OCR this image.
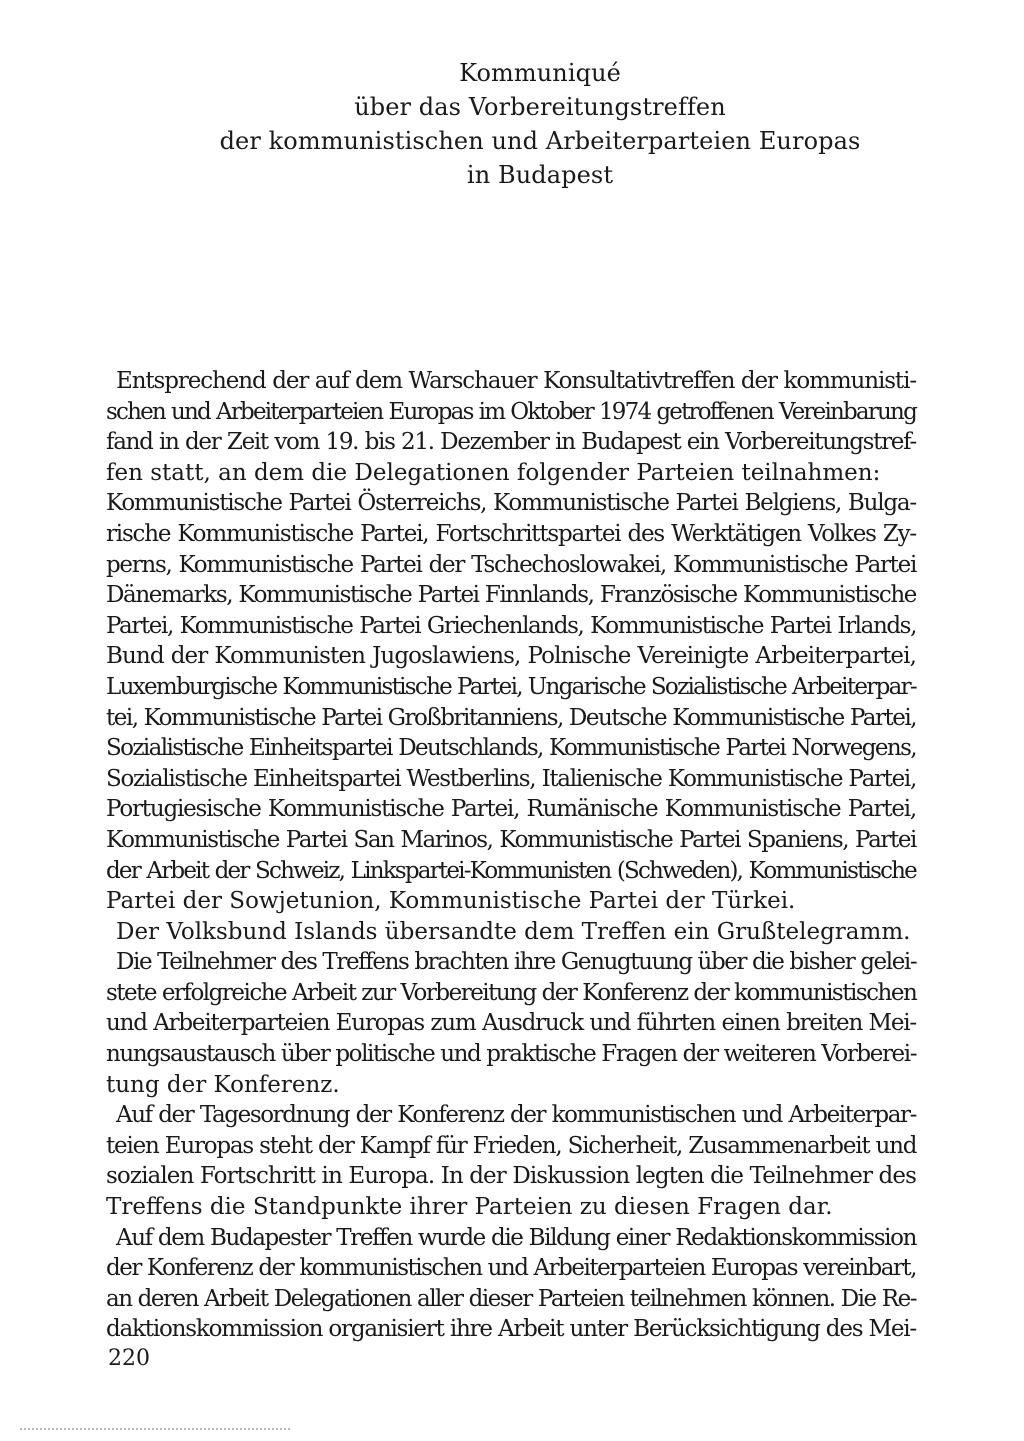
Kommuniqué
über das Vorbereitungstreffen
der kommunistischen und Arbeiterparteien Europas
in Budapest
Entsprechend der auf dem Warschauer Konsultativtreffen der kommunisti-
schen und Arbeiterparteien Europas im Oktober 1974 getroffenen Vereinbarung
fand in der Zeit vom 19. bis 21. Dezember in Budapest ein Vorbereitungstref-
fen statt, an dem die Delegationen folgender Parteien teilnahmen:
Kommunistische Partei Österreichs, Kommunistische Partei Belgiens, Bulga-
rische Kommunistische Partei, Fortschrittspartei des Werktätigen Volkes Zy-
perns, Kommunistische Partei der Tschechoslowakei, Kommunistische Partei
Dänemarks, Kommunistische Partei Finnlands, Französische Kommunistische
Partei, Kommunistische Partei Griechenlands, Kommunistische Partei Irlands,
Bund der Kommunisten Jugoslawiens, Polnische Vereinigte Arbeiterpartei,
Luxemburgische Kommunistische Partei, Ungarische Sozialistische Arbeiterpar-
tei, Kommunistische Partei Großbritanniens, Deutsche Kommunistische Partei,
Sozialistische Einheitspartei Deutschlands, Kommunistische Partei Norwegens,
Sozialistische Einheitspartei Westberlins, Italienische Kommunistische Partei,
Portugiesische Kommunistische Partei, Rumänische Kommunistische Partei,
Kommunistische Partei San Marinos, Kommunistische Partei Spaniens, Partei
der Arbeit der Schweiz, Linkspartei-Kommunisten (Schweden), Kommunistische
Partei der Sowjetunion, Kommunistische Partei der Türkei.
Der Volksbund Islands übersandte dem Treffen ein Grußtelegramm.
Die Teilnehmer des Treffens brachten ihre Genugtuung über die bisher gelei-
stete erfolgreiche Arbeit zur Vorbereitung der Konferenz der kommunistischen
und Arbeiterparteien Europas zum Ausdruck und führten einen breiten Mei-
nungsaustausch über politische und praktische Fragen der weiteren Vorberei-
tung der Konferenz.
Auf der Tagesordnung der Konferenz der kommunistischen und Arbeiterpar-
teien Europas steht der Kampf für Frieden, Sicherheit, Zusammenarbeit und
sozialen Fortschritt in Europa. In der Diskussion legten die Teilnehmer des
Treffens die Standpunkte ihrer Parteien zu diesen Fragen dar.
Auf dem Budapester Treffen wurde die Bildung einer Redaktionskommission
der Konferenz der kommunistischen und Arbeiterparteien Europas vereinbart,
an deren Arbeit Delegationen aller dieser Parteien teilnehmen können. Die Re-
daktionskommission organisiert ihre Arbeit unter Berücksichtigung des Mei-
220
